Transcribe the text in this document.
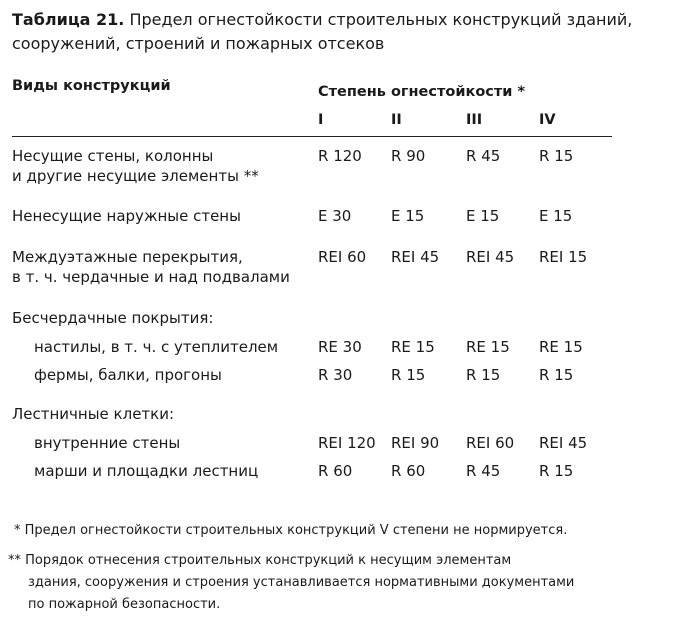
Таблица 21. Предел огнестойкости строительных конструкций зданий,
сооружений, строений и пожарных отсеков
Виды конструкций	Степень огнестойкости *
I	II	III	IV
Несущие стены, колонны
и другие несущие элементы **
R 120 R 90	R 45	R 15
Ненесущие наружные стены	E 30	E 15	E 15	E 15
Междуэтажные перекрытия,
в т. ч. чердачные и над подвалами
REI 60 REI 45 REI 45 REI 15
Бесчердачные покрытия:
настилы, в т. ч. с утеплителем	RE 30 RE 15 RE 15 RE 15
фермы, балки, прогоны	R 30	R 15	R 15	R 15
Лестничные клетки:
внутренние стены	REI 120 REI 90 REI 60 REI 45
марши и площадки лестниц	R 60	R 60	R 45	R 15
* Предел огнестойкости строительных конструкций V степени не нормируется.
** Порядок отнесения строительных конструкций к несущим элементам
здания, сооружения и строения устанавливается нормативными документами
по пожарной безопасности.
